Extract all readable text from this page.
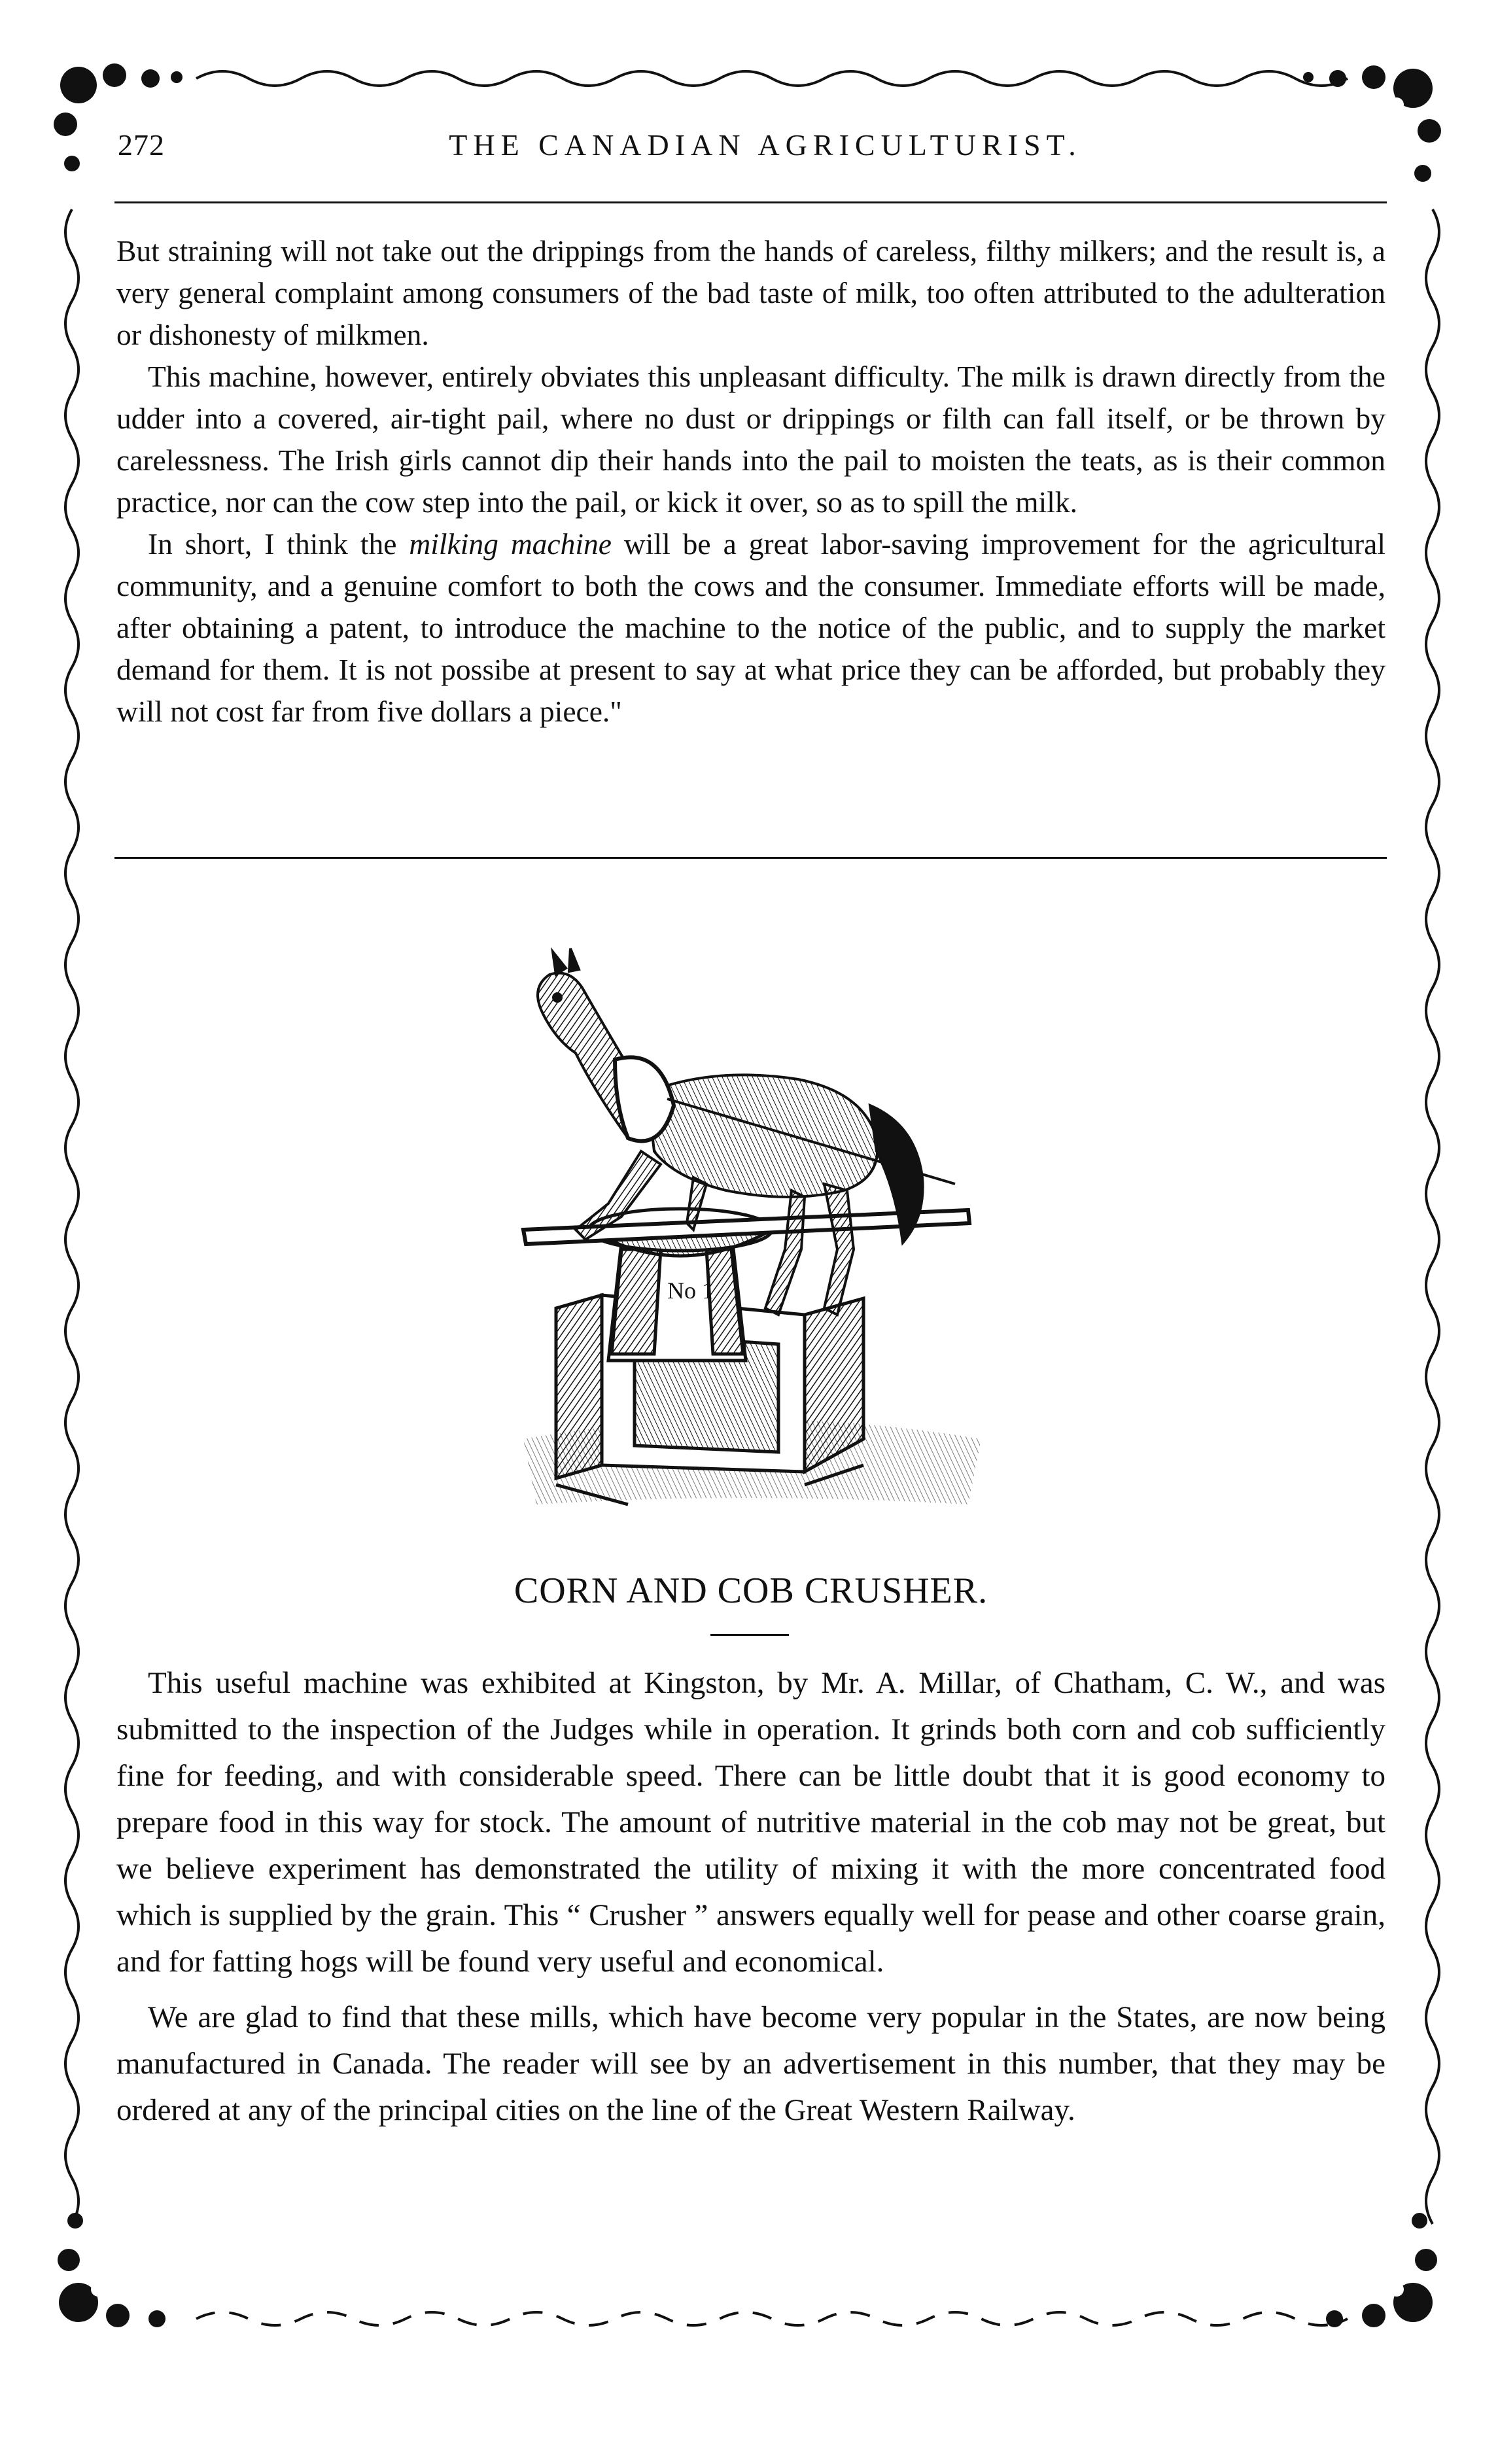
272	THE CANADIAN AGRICULTURIST.

But straining will not take out the drippings from the hands of careless, filthy milkers; and the result is, a very general complaint among consumers of the bad taste of milk, too often attributed to the adulteration or dishonesty of milkmen.

This machine, however, entirely obviates this unpleasant difficulty. The milk is drawn directly from the udder into a covered, air-tight pail, where no dust or drippings or filth can fall itself, or be thrown by carelessness. The Irish girls cannot dip their hands into the pail to moisten the teats, as is their common practice, nor can the cow step into the pail, or kick it over, so as to spill the milk.

In short, I think the milking machine will be a great labor-saving improvement for the agricultural community, and a genuine comfort to both the cows and the consumer. Immediate efforts will be made, after obtaining a patent, to introduce the machine to the notice of the public, and to supply the market demand for them. It is not possibe at present to say at what price they can be afforded, but probably they will not cost far from five dollars a piece."

No 1
CORN AND COB CRUSHER.

This useful machine was exhibited at Kingston, by Mr. A. Millar, of Chatham, C. W., and was submitted to the inspection of the Judges while in operation. It grinds both corn and cob sufficiently fine for feeding, and with considerable speed. There can be little doubt that it is good economy to prepare food in this way for stock. The amount of nutritive material in the cob may not be great, but we believe experiment has demonstrated the utility of mixing it with the more concentrated food which is supplied by the grain. This “ Crusher ” answers equally well for pease and other coarse grain, and for fatting hogs will be found very useful and economical.

We are glad to find that these mills, which have become very popular in the States, are now being manufactured in Canada. The reader will see by an advertisement in this number, that they may be ordered at any of the principal cities on the line of the Great Western Railway.
